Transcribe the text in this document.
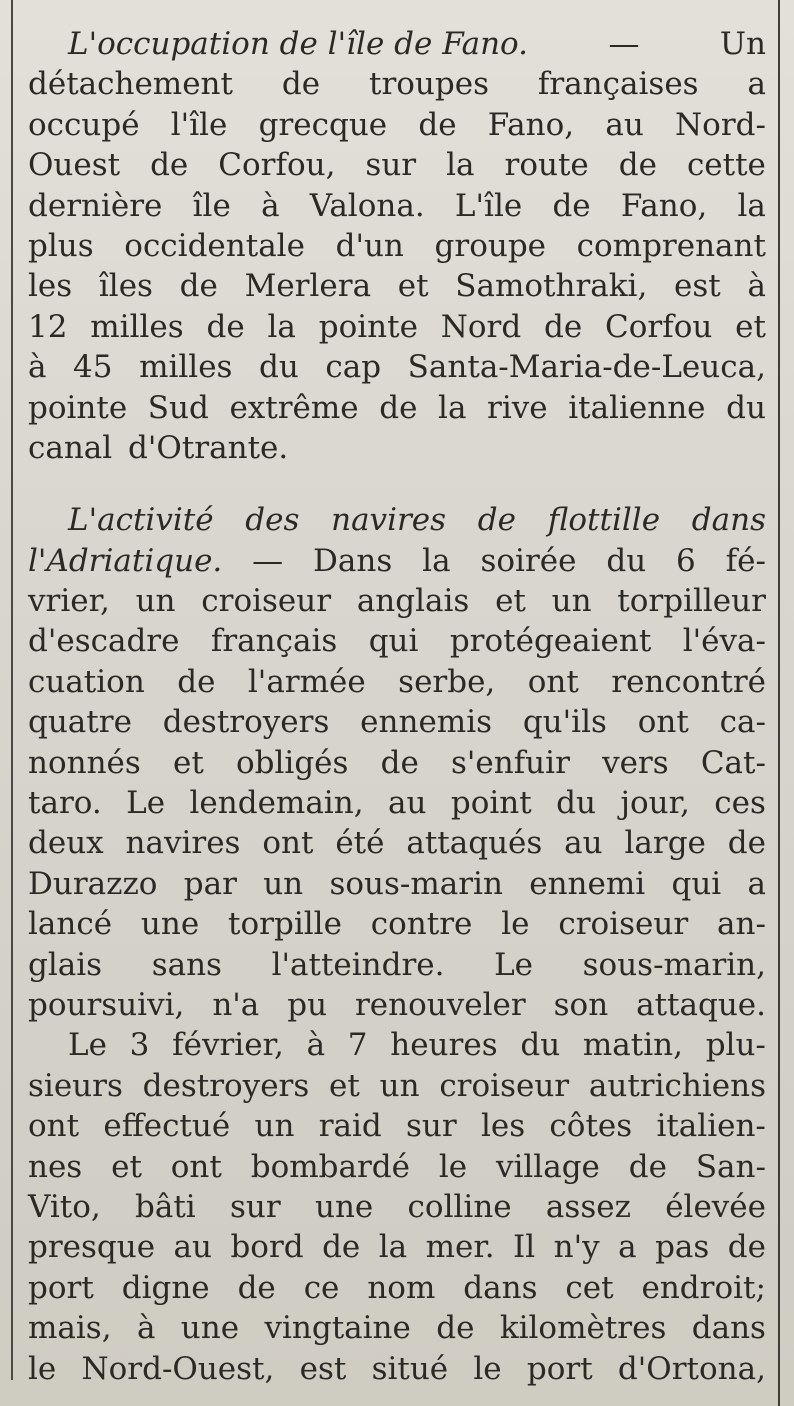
L'occupation de l'île de Fano.	—	Un
détachement de troupes françaises a
occupé l'île grecque de Fano, au Nord-
Ouest de Corfou, sur la route de cette
dernière île à Valona. L'île de Fano, la
plus occidentale d'un groupe comprenant
les îles de Merlera et Samothraki, est à
12 milles de la pointe Nord de Corfou et
à 45 milles du cap Santa-Maria-de-Leuca,
pointe Sud extrême de la rive italienne du
canal d'Otrante.
L'activité des navires de flottille dans
l'Adriatique. — Dans la soirée du 6 fé-
vrier, un croiseur anglais et un torpilleur
d'escadre français qui protégeaient l'éva-
cuation de l'armée serbe, ont rencontré
quatre destroyers ennemis qu'ils ont ca-
nonnés et obligés de s'enfuir vers Cat-
taro. Le lendemain, au point du jour, ces
deux navires ont été attaqués au large de
Durazzo par un sous-marin ennemi qui a
lancé une torpille contre le croiseur an-
glais sans l'atteindre. Le sous-marin,
poursuivi, n'a pu renouveler son attaque.
Le 3 février, à 7 heures du matin, plu-
sieurs destroyers et un croiseur autrichiens
ont effectué un raid sur les côtes italien-
nes et ont bombardé le village de San-
Vito, bâti sur une colline assez élevée
presque au bord de la mer. Il n'y a pas de
port digne de ce nom dans cet endroit;
mais, à une vingtaine de kilomètres dans
le Nord-Ouest, est situé le port d'Ortona,
